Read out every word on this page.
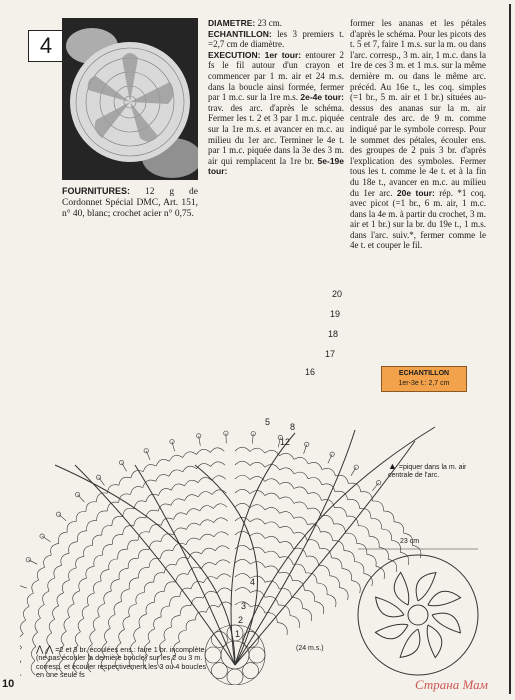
4
FOURNITURES: 12 g de Cordonnet Spécial DMC, Art. 151, n° 40, blanc; crochet acier n° 0,75.
DIAMETRE: 23 cm.
ECHANTILLON: les 3 premiers t. =2,7 cm de diamètre.
EXECUTION: 1er tour: entourer 2 fs le fil autour d'un crayon et commencer par 1 m. air et 24 m.s. dans la boucle ainsi formée, fermer par 1 m.c. sur la 1re m.s. 2e-4e tour: trav. des arc. d'après le schéma. Fermer les t. 2 et 3 par 1 m.c. piquée sur la 1re m.s. et avancer en m.c. au milieu du 1er arc. Terminer le 4e t. par 1 m.c. piquée dans la 3e des 3 m. air qui remplacent la 1re br. 5e-19e tour:
former les ananas et les pétales d'après le schéma. Pour les picots des t. 5 et 7, faire 1 m.s. sur la m. ou dans l'arc. corresp., 3 m. air, 1 m.c. dans la 1re de ces 3 m. et 1 m.s. sur la même dernière m. ou dans le même arc. précéd. Au 16e t., les coq. simples (=1 br., 5 m. air et 1 br.) situées au-dessus des ananas sur la m. air centrale des arc. de 9 m. comme indiqué par le symbole corresp. Pour le sommet des pétales, écouler ens. des groupes de 2 puis 3 br. d'après l'explication des symboles. Fermer tous les t. comme le 4e t. et à la fin du 18e t., avancer en m.c. au milieu du 1er arc. 20e tour: rép. *1 coq. avec picot (=1 br., 6 m. air, 1 m.c. dans la 4e m. à partir du crochet, 3 m. air et 1 br.) sur la br. du 19e t., 1 m.s. dans l'arc. suiv.*, fermer comme le 4e t. et couper le fil.
1
2
3
4
5 8
12
16
17
18
19
20
ECHANTILLON
1er-3e t.: 2,7 cm
▲ =piquer dans la m. air centrale de l'arc.
23 cm
⋀ ⋀ =2 et 3 br. écoulées ens.: faire 1 br. incomplète (ne pas écouler la dernière boucle) sur les 2 ou 3 m. corresp. et écouler respectivement les 3 ou 4 boucles en une seule fs
(24 m.s.)
10	Страна Мам
